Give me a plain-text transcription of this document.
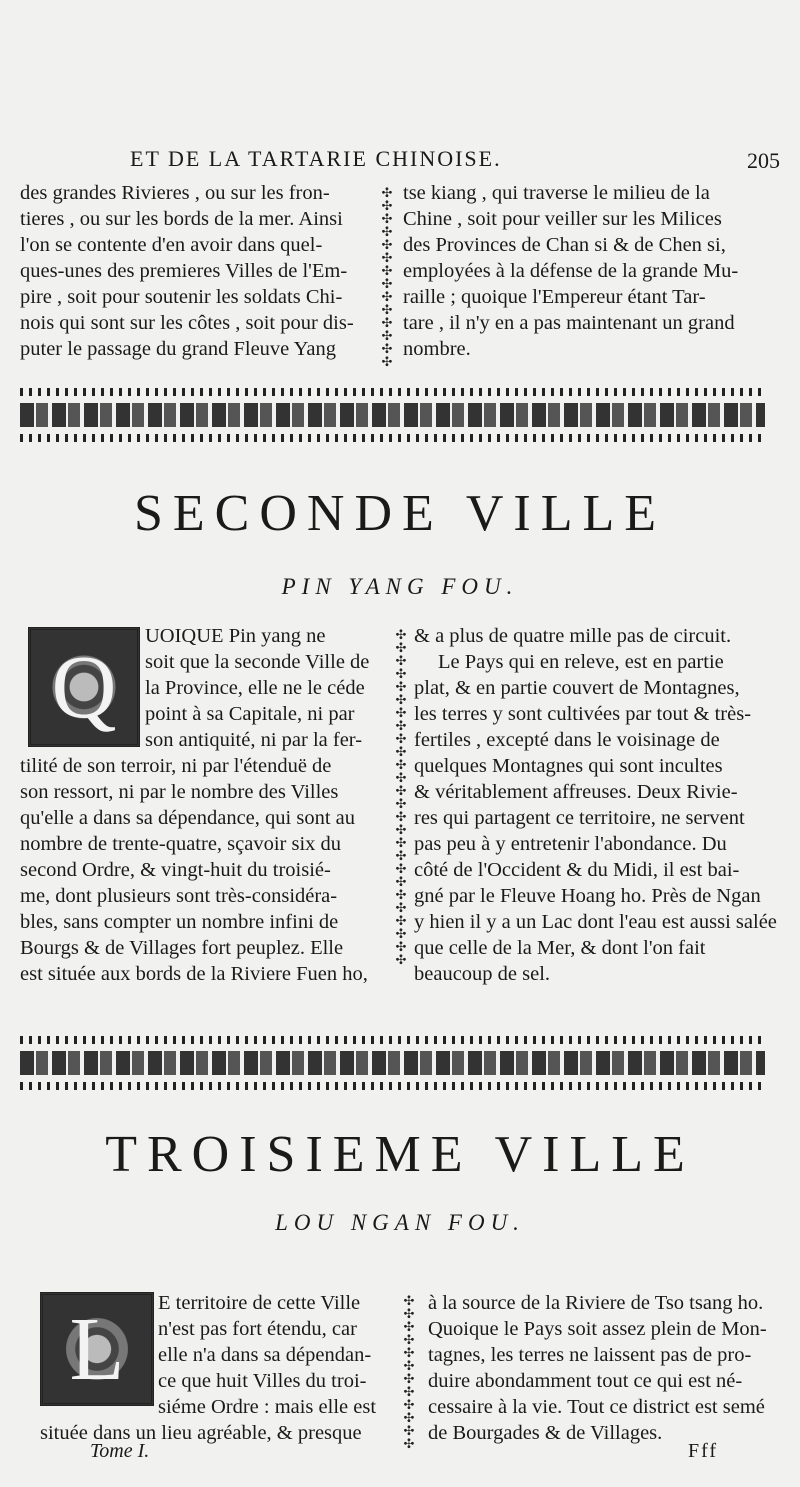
ET DE LA TARTARIE CHINOISE.	205
des grandes Rivieres , ou sur les fron-
tieres , ou sur les bords de la mer. Ainsi
l'on se contente d'en avoir dans quel-
ques-unes des premieres Villes de l'Em-
pire , soit pour soutenir les soldats Chi-
nois qui sont sur les côtes , soit pour dis-
puter le passage du grand Fleuve Yang
✣
✣
✣
✣
✣
✣
✣
✣
✣
✣
✣
✣
✣
✣
tse kiang , qui traverse le milieu de la
Chine , soit pour veiller sur les Milices
des Provinces de Chan si & de Chen si,
employées à la défense de la grande Mu-
raille ; quoique l'Empereur étant Tar-
tare , il n'y en a pas maintenant un grand
nombre.
SECONDE VILLE
PIN YANG FOU.
Q
UOIQUE Pin yang ne
soit que la seconde Ville de
la Province, elle ne le céde
point à sa Capitale, ni par
son antiquité, ni par la fer-
tilité de son terroir, ni par l'étenduë de
son ressort, ni par le nombre des Villes
qu'elle a dans sa dépendance, qui sont au
nombre de trente-quatre, sçavoir six du
second Ordre, & vingt-huit du troisié-
me, dont plusieurs sont très-considéra-
bles, sans compter un nombre infini de
Bourgs & de Villages fort peuplez. Elle
est située aux bords de la Riviere Fuen ho,
✣
✣
✣
✣
✣
✣
✣
✣
✣
✣
✣
✣
✣
✣
✣
✣
✣
✣
✣
✣
✣
✣
✣
✣
✣
✣
& a plus de quatre mille pas de circuit.
Le Pays qui en releve, est en partie
plat, & en partie couvert de Montagnes,
les terres y sont cultivées par tout & très-
fertiles , excepté dans le voisinage de
quelques Montagnes qui sont incultes
& véritablement affreuses. Deux Rivie-
res qui partagent ce territoire, ne servent
pas peu à y entretenir l'abondance. Du
côté de l'Occident & du Midi, il est bai-
gné par le Fleuve Hoang ho. Près de Ngan
y hien il y a un Lac dont l'eau est aussi salée
que celle de la Mer, & dont l'on fait
beaucoup de sel.
TROISIEME VILLE
LOU NGAN FOU.
L	E territoire de cette Ville
n'est pas fort étendu, car
elle n'a dans sa dépendan-
ce que huit Villes du troi-
siéme Ordre : mais elle est
située dans un lieu agréable, & presque
✣
✣
✣
✣
✣
✣
✣
✣
✣
✣
✣
✣
à la source de la Riviere de Tso tsang ho.
Quoique le Pays soit assez plein de Mon-
tagnes, les terres ne laissent pas de pro-
duire abondamment tout ce qui est né-
cessaire à la vie. Tout ce district est semé
de Bourgades & de Villages.
Tome I.	Fff
